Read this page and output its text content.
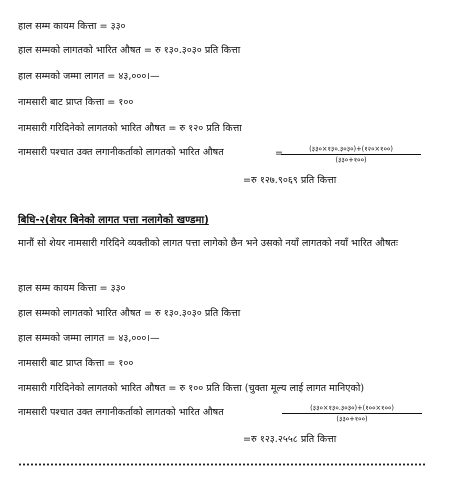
हाल सम्म कायम कित्ता = ३३०
हाल सम्मको लागतको भारित औषत = रु १३०.३०३० प्रति कित्ता
हाल सम्मको जम्मा लागत = ४३,०००।—
नामसारी बाट प्राप्त कित्ता = १००
नामसारी गरिदिनेको लागतको भारित औषत = रु १२० प्रति कित्ता
नामसारी पश्चात उक्त लगानीकर्ताको लागतको भारित औषत	=	(३३०×१३०.३०३०)+(१२०×१००)
(३३०+१००)
=रु १२७.९०६९ प्रति कित्ता
बिधि-२(शेयर बिनेको लागत पत्ता नलागेको खण्डमा)
मानौं सो शेयर नामसारी गरिदिने व्यक्तीको लागत पत्ता लागेको छैन भने उसको नयाँ लागतको नयाँ भारित औषतः
हाल सम्म कायम कित्ता = ३३०
हाल सम्मको लागतको भारित औषत = रु १३०.३०३० प्रति कित्ता
हाल सम्मको जम्मा लागत = ४३,०००।—
नामसारी बाट प्राप्त कित्ता = १००
नामसारी गरिदिनेको लागतको भारित औषत = रु १०० प्रति कित्ता (चुक्ता मूल्य लाई लागत मानिएको)
नामसारी पश्चात उक्त लगानीकर्ताको लागतको भारित औषत	(३३०×१३०.३०३०)+(१००×१००)
(३३०+१००)
=रु १२३.२५५८ प्रति कित्ता
